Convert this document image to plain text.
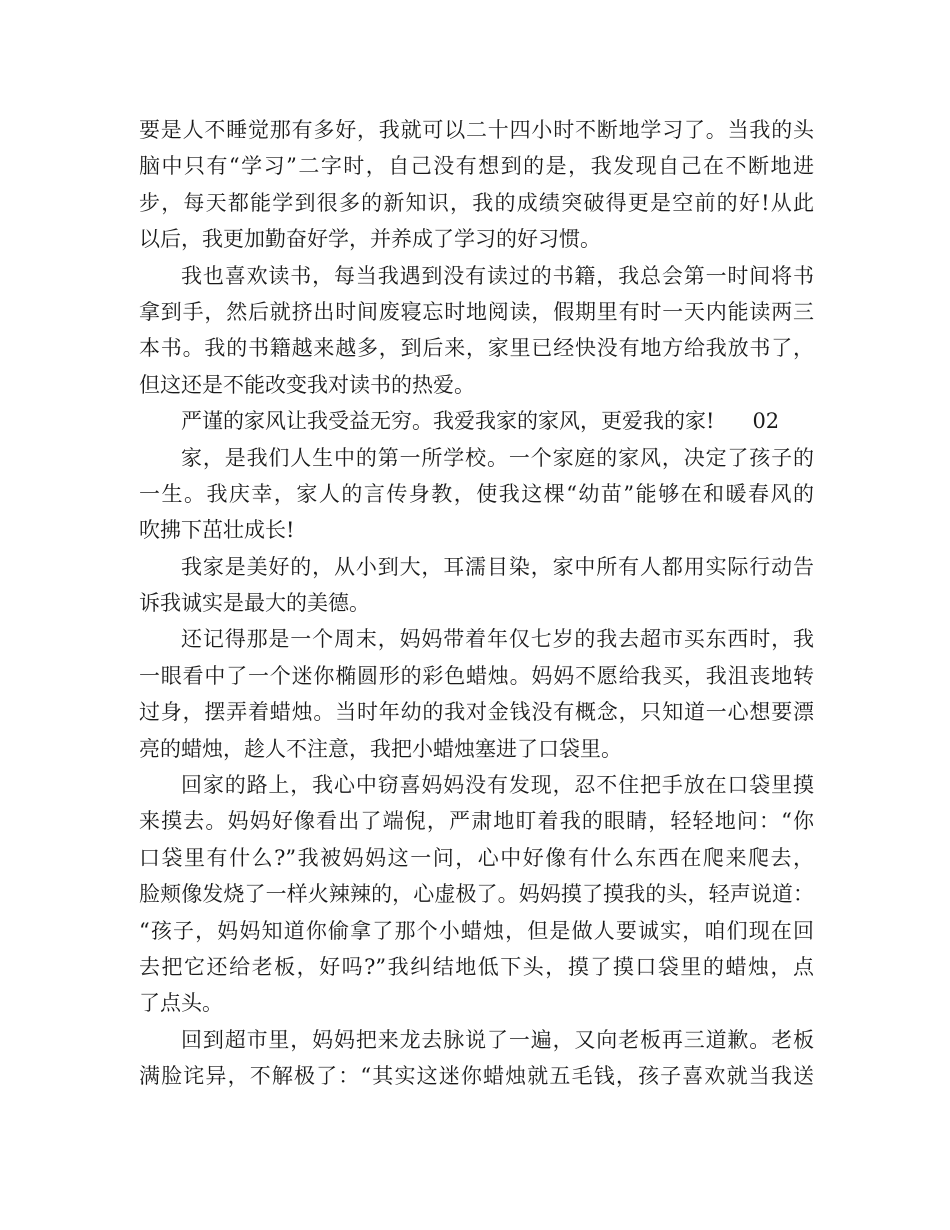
要是人不睡觉那有多好，我就可以二十四小时不断地学习了。当我的头
脑中只有“学习”二字时，自己没有想到的是，我发现自己在不断地进
步，每天都能学到很多的新知识，我的成绩突破得更是空前的好!从此
以后，我更加勤奋好学，并养成了学习的好习惯。
我也喜欢读书，每当我遇到没有读过的书籍，我总会第一时间将书
拿到手，然后就挤出时间废寝忘时地阅读，假期里有时一天内能读两三
本书。我的书籍越来越多，到后来，家里已经快没有地方给我放书了，
但这还是不能改变我对读书的热爱。
严谨的家风让我受益无穷。我爱我家的家风，更爱我的家! 02
家，是我们人生中的第一所学校。一个家庭的家风，决定了孩子的
一生。我庆幸，家人的言传身教，使我这棵“幼苗”能够在和暖春风的
吹拂下茁壮成长!
我家是美好的，从小到大，耳濡目染，家中所有人都用实际行动告
诉我诚实是最大的美德。
还记得那是一个周末，妈妈带着年仅七岁的我去超市买东西时，我
一眼看中了一个迷你椭圆形的彩色蜡烛。妈妈不愿给我买，我沮丧地转
过身，摆弄着蜡烛。当时年幼的我对金钱没有概念，只知道一心想要漂
亮的蜡烛，趁人不注意，我把小蜡烛塞进了口袋里。
回家的路上，我心中窃喜妈妈没有发现，忍不住把手放在口袋里摸
来摸去。妈妈好像看出了端倪，严肃地盯着我的眼睛，轻轻地问：“你
口袋里有什么?”我被妈妈这一问，心中好像有什么东西在爬来爬去，
脸颊像发烧了一样火辣辣的，心虚极了。妈妈摸了摸我的头，轻声说道：
“孩子，妈妈知道你偷拿了那个小蜡烛，但是做人要诚实，咱们现在回
去把它还给老板，好吗?”我纠结地低下头，摸了摸口袋里的蜡烛，点
了点头。
回到超市里，妈妈把来龙去脉说了一遍，又向老板再三道歉。老板
满脸诧异，不解极了：“其实这迷你蜡烛就五毛钱，孩子喜欢就当我送
